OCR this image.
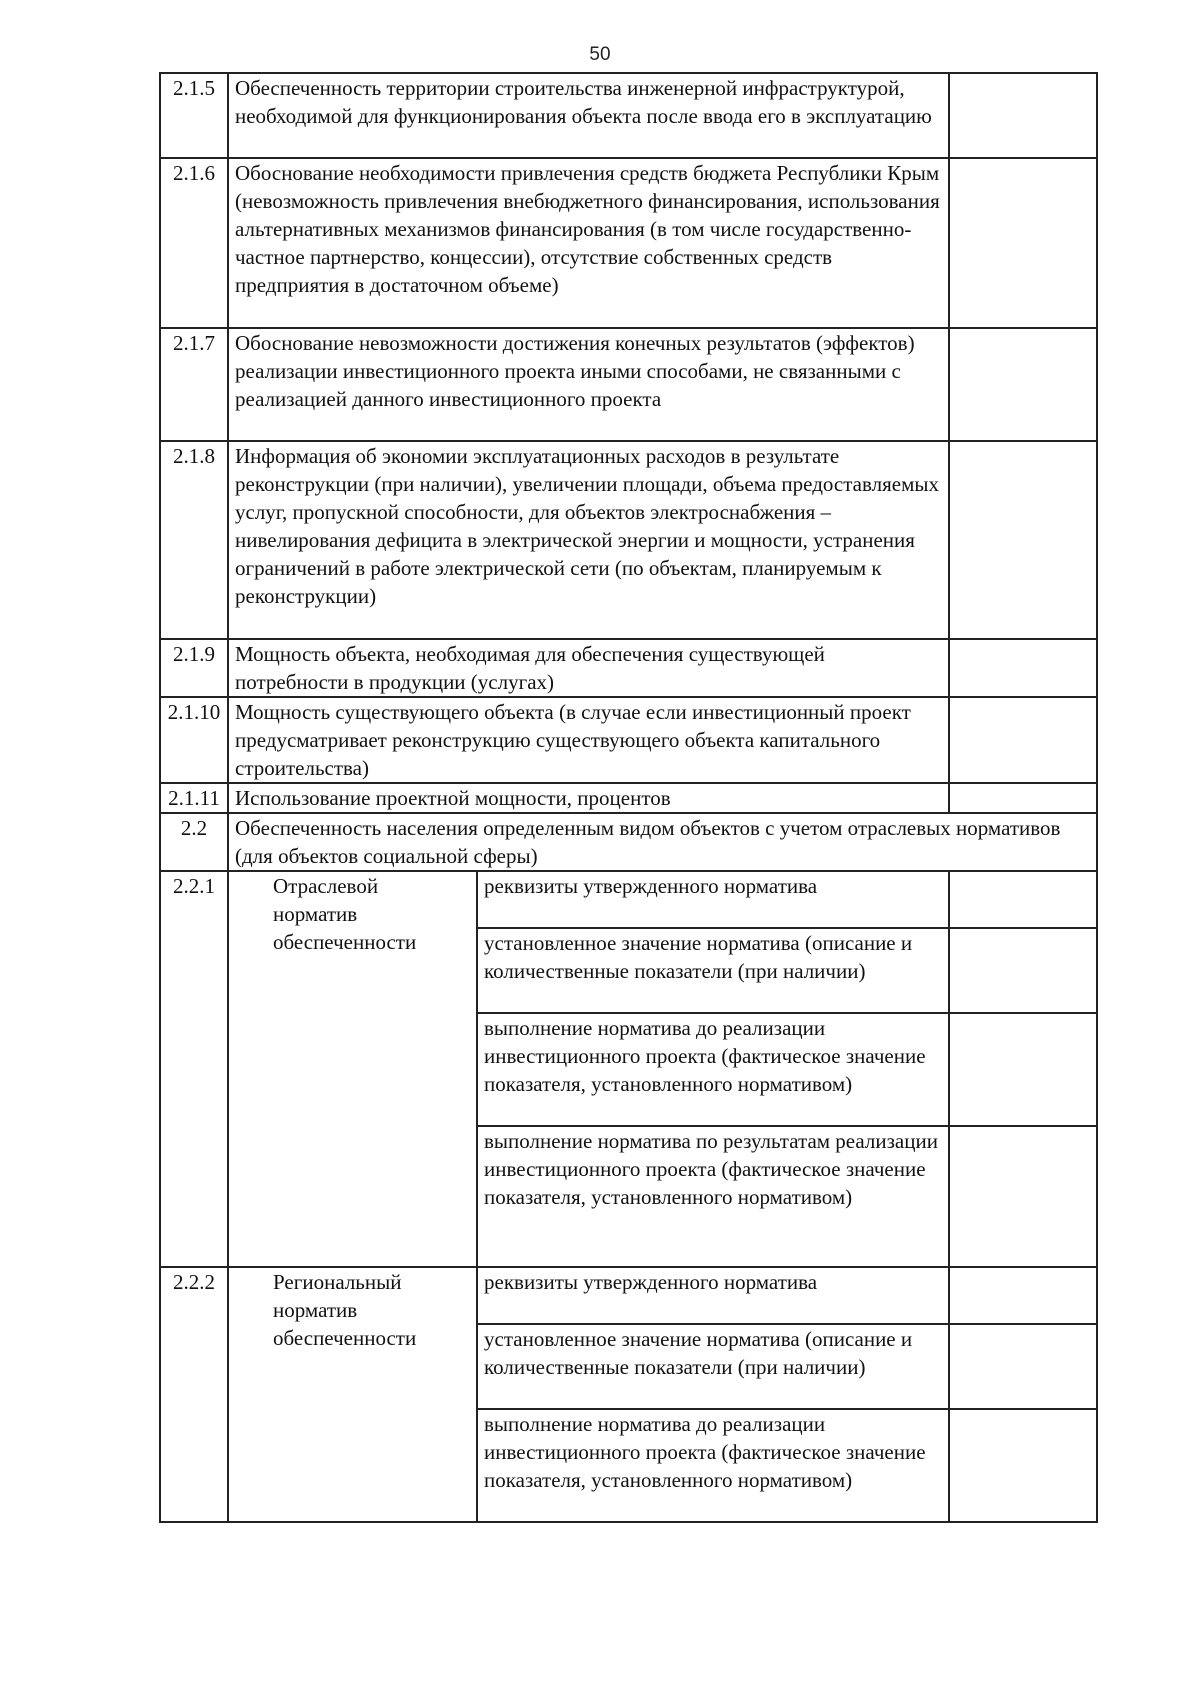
50
2.1.5	Обеспеченность территории строительства инженерной инфраструктурой, необходимой для функционирования объекта после ввода его в эксплуатацию		
2.1.6	Обоснование необходимости привлечения средств бюджета Республики Крым (невозможность привлечения внебюджетного финансирования, использования альтернативных механизмов финансирования (в том числе государственно-частное партнерство, концессии), отсутствие собственных средств предприятия в достаточном объеме)		
2.1.7	Обоснование невозможности достижения конечных результатов (эффектов) реализации инвестиционного проекта иными способами, не связанными с реализацией данного инвестиционного проекта		
2.1.8	Информация об экономии эксплуатационных расходов в результате реконструкции (при наличии), увеличении площади, объема предоставляемых услуг, пропускной способности, для объектов электроснабжения – нивелирования дефицита в электрической энергии и мощности, устранения ограничений в работе электрической сети (по объектам, планируемым к реконструкции)		
2.1.9	Мощность объекта, необходимая для обеспечения существующей потребности в продукции (услугах)		
2.1.10	Мощность существующего объекта (в случае если инвестиционный проект предусматривает реконструкцию существующего объекта капитального строительства)		
2.1.11	Использование проектной мощности, процентов		
2.2	Обеспеченность населения определенным видом объектов с учетом отраслевых нормативов (для объектов социальной сферы)		
2.2.1	Отраслевой норматив обеспеченности	реквизиты утвержденного норматива	
		установленное значение норматива (описание и количественные показатели (при наличии)	
		выполнение норматива до реализации инвестиционного проекта (фактическое значение показателя, установленного нормативом)	
		выполнение норматива по результатам реализации инвестиционного проекта (фактическое значение показателя, установленного нормативом)	
2.2.2	Региональный норматив обеспеченности	реквизиты утвержденного норматива	
		установленное значение норматива (описание и количественные показатели (при наличии)	
		выполнение норматива до реализации инвестиционного проекта (фактическое значение показателя, установленного нормативом)	
